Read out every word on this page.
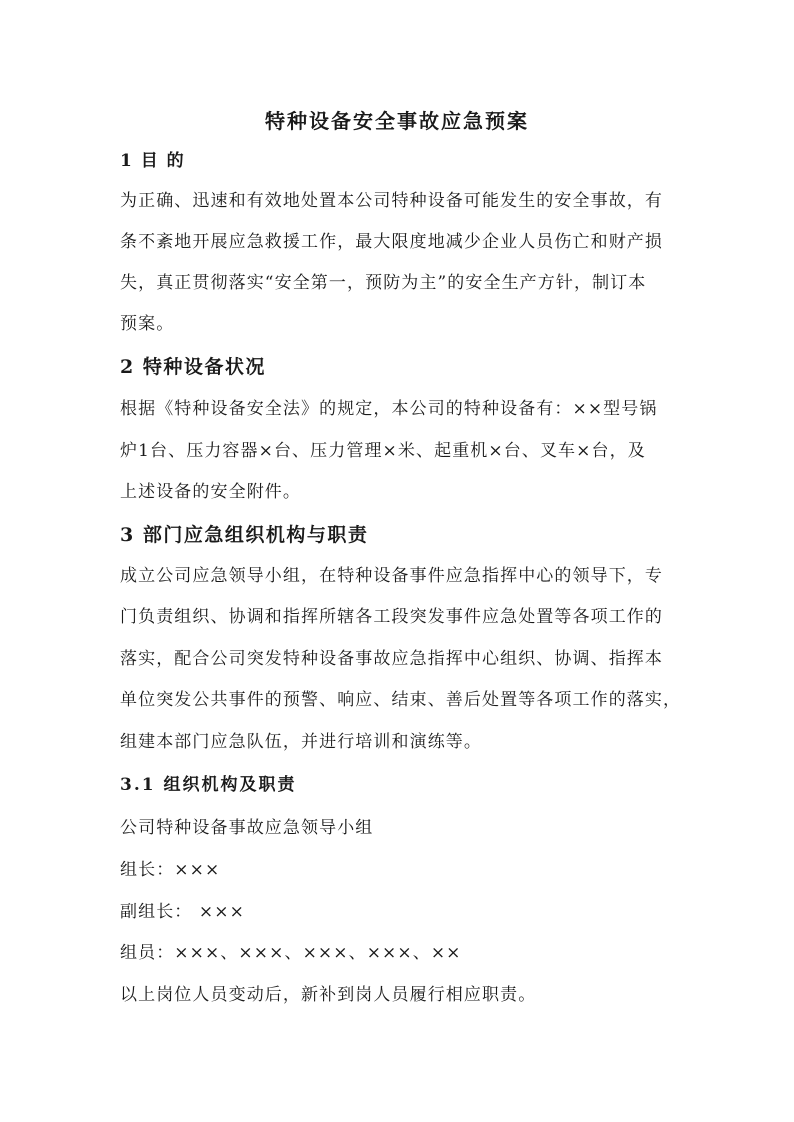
特种设备安全事故应急预案
1 目 的
为正确、迅速和有效地处置本公司特种设备可能发生的安全事故，有
条不紊地开展应急救援工作，最大限度地减少企业人员伤亡和财产损
失，真正贯彻落实“安全第一，预防为主”的安全生产方针，制订本
预案。
2 特种设备状况
根据《特种设备安全法》的规定，本公司的特种设备有：××型号锅
炉1台、压力容器×台、压力管理×米、起重机×台、叉车×台，及
上述设备的安全附件。
3 部门应急组织机构与职责
成立公司应急领导小组，在特种设备事件应急指挥中心的领导下，专
门负责组织、协调和指挥所辖各工段突发事件应急处置等各项工作的
落实，配合公司突发特种设备事故应急指挥中心组织、协调、指挥本
单位突发公共事件的预警、响应、结束、善后处置等各项工作的落实，
组建本部门应急队伍，并进行培训和演练等。
3.1 组织机构及职责
公司特种设备事故应急领导小组
组长：×××
副组长： ×××
组员：×××、×××、×××、×××、××
以上岗位人员变动后，新补到岗人员履行相应职责。
